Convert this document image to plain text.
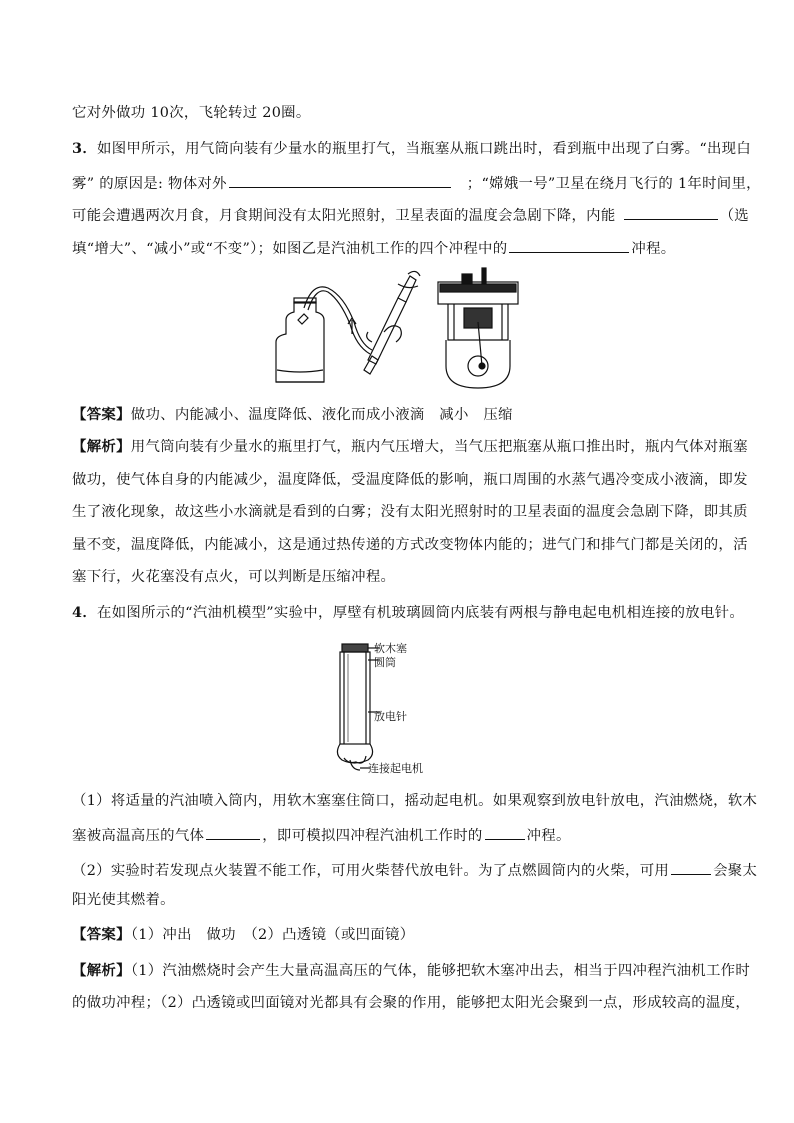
它对外做功 10次，飞轮转过 20圈。
3．如图甲所示，用气筒向装有少量水的瓶里打气，当瓶塞从瓶口跳出时，看到瓶中出现了白雾。“出现白
雾” 的原因是: 物体对外	；“嫦娥一号”卫星在绕月飞行的 1年时间里，
可能会遭遇两次月食，月食期间没有太阳光照射，卫星表面的温度会急剧下降，内能	（选
填“增大”、“减小”或“不变”）；如图乙是汽油机工作的四个冲程中的	冲程。
【答案】做功、内能减小、温度降低、液化而成小液滴　减小　压缩
【解析】用气筒向装有少量水的瓶里打气，瓶内气压增大，当气压把瓶塞从瓶口推出时，瓶内气体对瓶塞
做功，使气体自身的内能减少，温度降低，受温度降低的影响，瓶口周围的水蒸气遇冷变成小液滴，即发
生了液化现象，故这些小水滴就是看到的白雾；没有太阳光照射时的卫星表面的温度会急剧下降，即其质
量不变，温度降低，内能减小，这是通过热传递的方式改变物体内能的；进气门和排气门都是关闭的，活
塞下行，火花塞没有点火，可以判断是压缩冲程。
4．在如图所示的“汽油机模型”实验中，厚壁有机玻璃圆筒内底装有两根与静电起电机相连接的放电针。
软木塞
圆筒
放电针
连接起电机
（1）将适量的汽油喷入筒内，用软木塞塞住筒口，摇动起电机。如果观察到放电针放电，汽油燃烧，软木
塞被高温高压的气体	，即可模拟四冲程汽油机工作时的	冲程。
（2）实验时若发现点火装置不能工作，可用火柴替代放电针。为了点燃圆筒内的火柴，可用	会聚太
阳光使其燃着。
【答案】（1）冲出　做功　（2）凸透镜（或凹面镜）
【解析】（1）汽油燃烧时会产生大量高温高压的气体，能够把软木塞冲出去，相当于四冲程汽油机工作时
的做功冲程；（2）凸透镜或凹面镜对光都具有会聚的作用，能够把太阳光会聚到一点，形成较高的温度，
